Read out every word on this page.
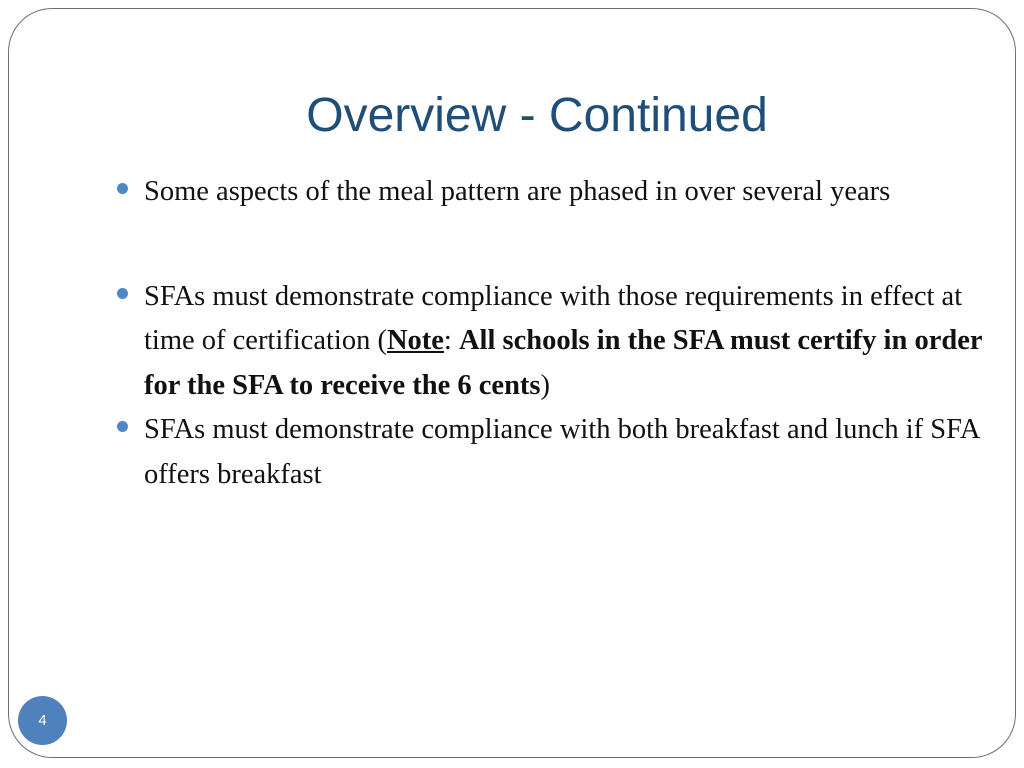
Overview - Continued
Some aspects of the meal pattern are phased in over several years
SFAs must demonstrate compliance with those requirements in effect at time of certification (Note: All schools in the SFA must certify in order for the SFA to receive the 6 cents)
SFAs must demonstrate compliance with both breakfast and lunch if SFA offers breakfast
4
